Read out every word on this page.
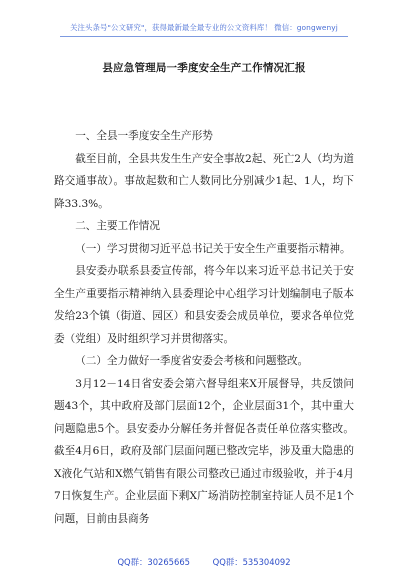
关注头条号"公文研究"，获得最新最全最专业的公文资料库！ 微信：gongwenyj
县应急管理局一季度安全生产工作情况汇报

一、全县一季度安全生产形势

截至目前，全县共发生生产安全事故2起、死亡2人（均为道路交通事故）。事故起数和亡人数同比分别减少1起、1人，均下降33.3%。

二、主要工作情况

（一）学习贯彻习近平总书记关于安全生产重要指示精神。

县安委办联系县委宣传部，将今年以来习近平总书记关于安全生产重要指示精神纳入县委理论中心组学习计划编制电子版本发给23个镇（街道、园区）和县安委会成员单位，要求各单位党委（党组）及时组织学习并贯彻落实。

（二）全力做好一季度省安委会考核和问题整改。

3月12－14日省安委会第六督导组来X开展督导，共反馈问题43个，其中政府及部门层面12个，企业层面31个，其中重大问题隐患5个。县安委办分解任务并督促各责任单位落实整改。截至4月6日，政府及部门层面问题已整改完毕，涉及重大隐患的X液化气站和X燃气销售有限公司整改已通过市级验收，并于4月7日恢复生产。企业层面下剩X广场消防控制室持证人员不足1个问题，目前由县商务

QQ群：30265665	QQ群：535304092
